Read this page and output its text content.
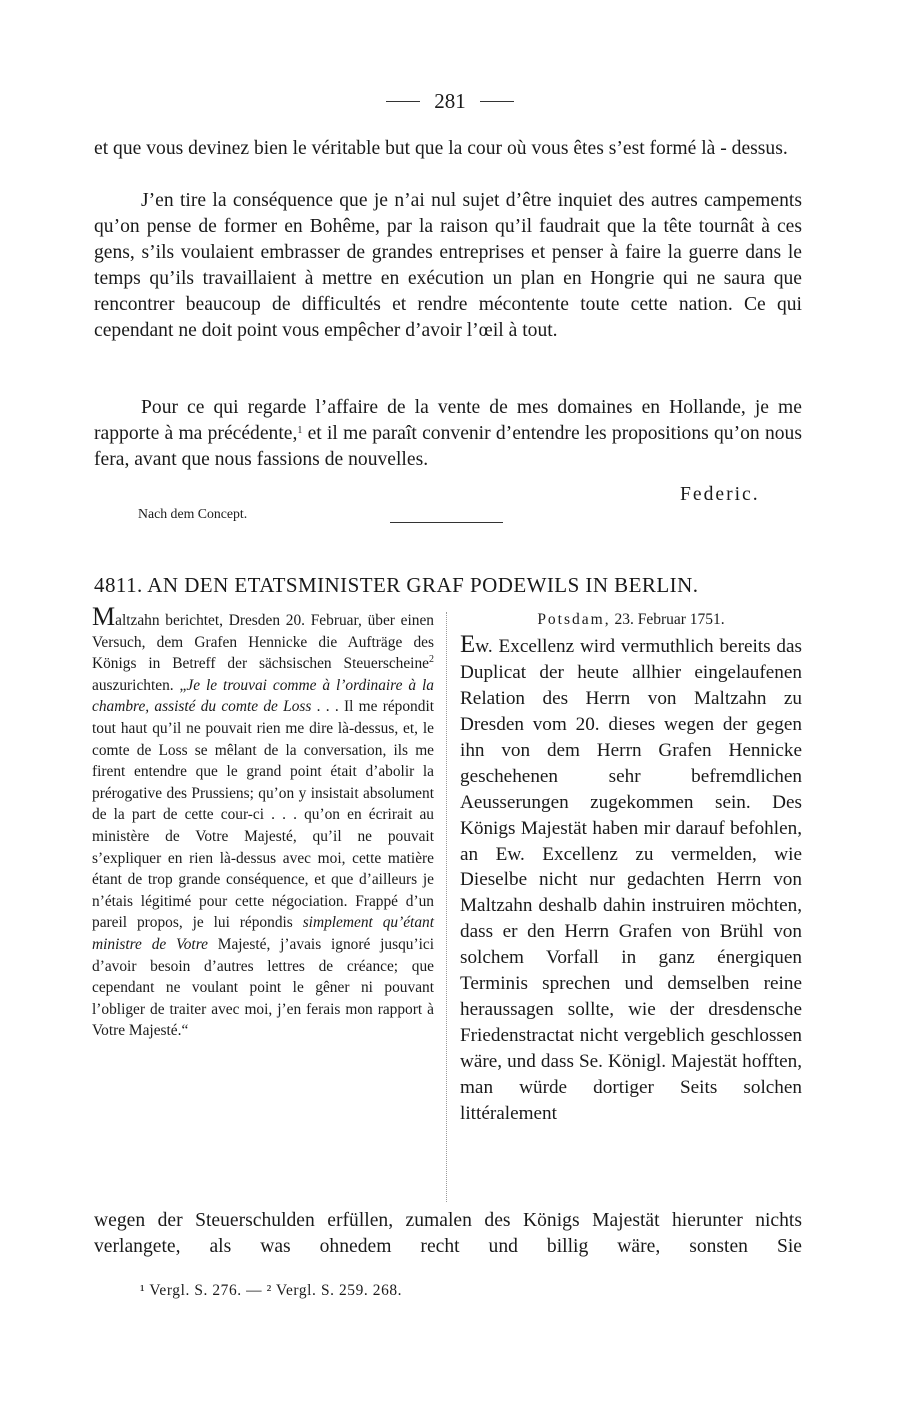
281

et que vous devinez bien le véritable but que la cour où vous êtes s’est formé là - dessus.

J’en tire la conséquence que je n’ai nul sujet d’être inquiet des autres campements qu’on pense de former en Bohême, par la raison qu’il faudrait que la tête tournât à ces gens, s’ils voulaient embrasser de grandes entreprises et penser à faire la guerre dans le temps qu’ils travaillaient à mettre en exécution un plan en Hongrie qui ne saura que rencontrer beaucoup de difficultés et rendre mécontente toute cette nation. Ce qui cependant ne doit point vous empêcher d’avoir l’œil à tout.

Pour ce qui regarde l’affaire de la vente de mes domaines en Hollande, je me rapporte à ma précédente,$^1$ et il me paraît convenir d’entendre les propositions qu’on nous fera, avant que nous fassions de nouvelles.

Federic.
Nach dem Concept.
4811. AN DEN ETATSMINISTER GRAF PODEWILS IN BERLIN.

Maltzahn berichtet, Dresden 20. Februar, über einen Versuch, dem Grafen Hennicke die Aufträge des Königs in Betreff der sächsischen Steuerscheine$^2$ auszurichten. „Je le trouvai comme à l’ordinaire à la chambre, assisté du comte de Loss . . . Il me répondit tout haut qu’il ne pouvait rien me dire là-dessus, et, le comte de Loss se mêlant de la conversation, ils me firent entendre que le grand point était d’abolir la prérogative des Prussiens; qu’on y insistait absolument de la part de cette cour-ci . . . qu’on en écrirait au ministère de Votre Majesté, qu’il ne pouvait s’expliquer en rien là-dessus avec moi, cette matière étant de trop grande conséquence, et que d’ailleurs je n’étais légitimé pour cette négociation. Frappé d’un pareil propos, je lui répondis simplement qu’étant ministre de Votre Majesté, j’avais ignoré jusqu’ici d’avoir besoin d’autres lettres de créance; que cependant ne voulant point le gêner ni pouvant l’obliger de traiter avec moi, j’en ferais mon rapport à Votre Majesté.“

Potsdam, 23. Februar 1751.

Ew. Excellenz wird vermuthlich bereits das Duplicat der heute allhier eingelaufenen Relation des Herrn von Maltzahn zu Dresden vom 20. dieses wegen der gegen ihn von dem Herrn Grafen Hennicke geschehenen sehr befremdlichen Aeusserungen zugekommen sein. Des Königs Majestät haben mir darauf befohlen, an Ew. Excellenz zu vermelden, wie Dieselbe nicht nur gedachten Herrn von Maltzahn deshalb dahin instruiren möchten, dass er den Herrn Grafen von Brühl von solchem Vorfall in ganz énergiquen Terminis sprechen und demselben reine heraussagen sollte, wie der dresdensche Friedenstractat nicht vergeblich geschlossen wäre, und dass Se. Königl. Majestät hofften, man würde dortiger Seits solchen littéralement

wegen der Steuerschulden erfüllen, zumalen des Königs Majestät hierunter nichts verlangete, als was ohnedem recht und billig wäre, sonsten Sie

¹ Vergl. S. 276. — ² Vergl. S. 259. 268.
